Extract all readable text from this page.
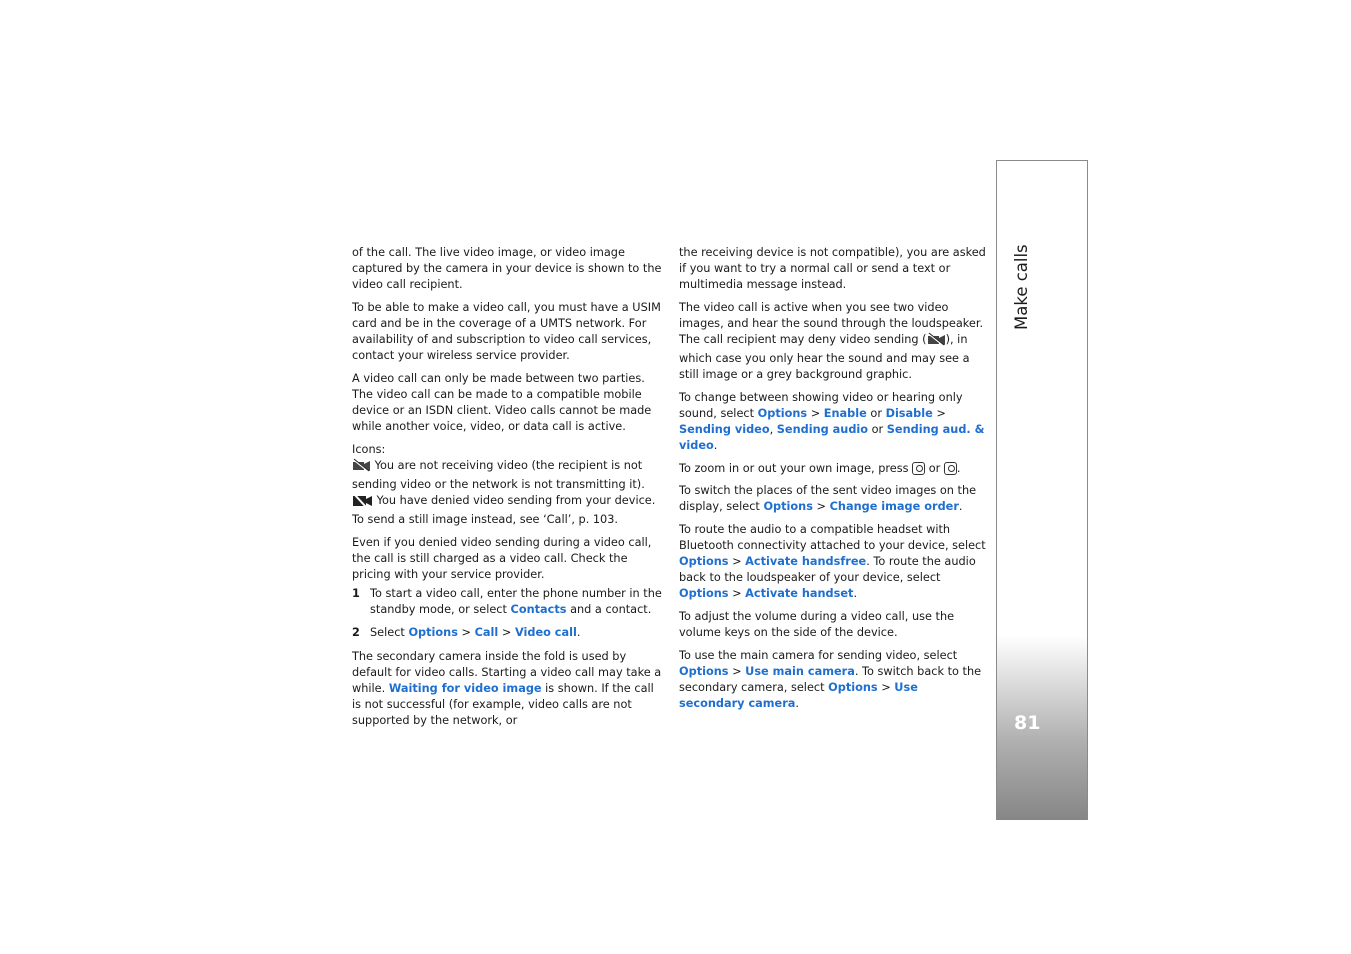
of the call. The live video image, or video image captured by the camera in your device is shown to the video call recipient.

To be able to make a video call, you must have a USIM card and be in the coverage of a UMTS network. For availability of and subscription to video call services, contact your wireless service provider.

A video call can only be made between two parties. The video call can be made to a compatible mobile device or an ISDN client. Video calls cannot be made while another voice, video, or data call is active.

Icons:
You are not receiving video (the recipient is not sending video or the network is not transmitting it).
You have denied video sending from your device. To send a still image instead, see ‘Call’, p. 103.

Even if you denied video sending during a video call, the call is still charged as a video call. Check the pricing with your service provider.

1 To start a video call, enter the phone number in the standby mode, or select Contacts and a contact.

2 Select Options > Call > Video call.

The secondary camera inside the fold is used by default for video calls. Starting a video call may take a while. Waiting for video image is shown. If the call is not successful (for example, video calls are not supported by the network, or

the receiving device is not compatible), you are asked if you want to try a normal call or send a text or multimedia message instead.

The video call is active when you see two video images, and hear the sound through the loudspeaker. The call recipient may deny video sending ( ), in which case you only hear the sound and may see a still image or a grey background graphic.

To change between showing video or hearing only sound, select Options > Enable or Disable > Sending video, Sending audio or Sending aud. & video.

To zoom in or out your own image, press  or .

To switch the places of the sent video images on the display, select Options > Change image order.

To route the audio to a compatible headset with Bluetooth connectivity attached to your device, select Options > Activate handsfree. To route the audio back to the loudspeaker of your device, select Options > Activate handset.

To adjust the volume during a video call, use the volume keys on the side of the device.

To use the main camera for sending video, select Options > Use main camera. To switch back to the secondary camera, select Options > Use secondary camera.

Make calls
81
